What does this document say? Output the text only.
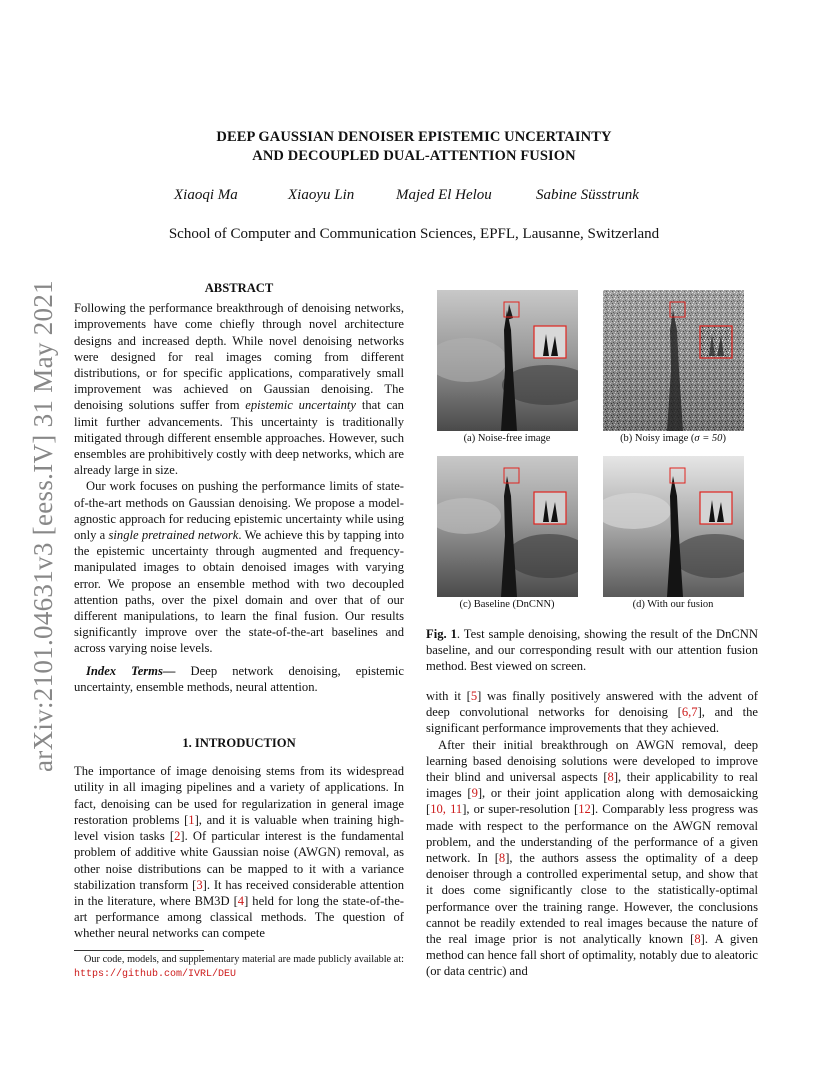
DEEP GAUSSIAN DENOISER EPISTEMIC UNCERTAINTY
AND DECOUPLED DUAL-ATTENTION FUSION
Xiaoqi Ma	Xiaoyu Lin	Majed El Helou	Sabine Süsstrunk
School of Computer and Communication Sciences, EPFL, Lausanne, Switzerland
arXiv:2101.04631v3 [eess.IV] 31 May 2021	ABSTRACT

Following the performance breakthrough of denoising networks, improvements have come chiefly through novel architecture designs and increased depth. While novel denoising networks were designed for real images coming from different distributions, or for specific applications, comparatively small improvement was achieved on Gaussian denoising. The denoising solutions suffer from epistemic uncertainty that can limit further advancements. This uncertainty is traditionally mitigated through different ensemble approaches. However, such ensembles are prohibitively costly with deep networks, which are already large in size.

Our work focuses on pushing the performance limits of state-of-the-art methods on Gaussian denoising. We propose a model-agnostic approach for reducing epistemic uncertainty while using only a single pretrained network. We achieve this by tapping into the epistemic uncertainty through augmented and frequency-manipulated images to obtain denoised images with varying error. We propose an ensemble method with two decoupled attention paths, over the pixel domain and over that of our different manipulations, to learn the final fusion. Our results significantly improve over the state-of-the-art baselines and across varying noise levels.

Index Terms— Deep network denoising, epistemic uncertainty, ensemble methods, neural attention.

1. INTRODUCTION

The importance of image denoising stems from its widespread utility in all imaging pipelines and a variety of applications. In fact, denoising can be used for regularization in general image restoration problems [1], and it is valuable when training high-level vision tasks [2]. Of particular interest is the fundamental problem of additive white Gaussian noise (AWGN) removal, as other noise distributions can be mapped to it with a variance stabilization transform [3]. It has received considerable attention in the literature, where BM3D [4] held for long the state-of-the-art performance among classical methods. The question of whether neural networks can compete

Our code, models, and supplementary material are made publicly available at: https://github.com/IVRL/DEU
(a) Noise-free image	(b) Noisy image (σ = 50)
(c) Baseline (DnCNN)	(d) With our fusion
Fig. 1. Test sample denoising, showing the result of the DnCNN baseline, and our corresponding result with our attention fusion method. Best viewed on screen.

with it [5] was finally positively answered with the advent of deep convolutional networks for denoising [6,7], and the significant performance improvements that they achieved.

After their initial breakthrough on AWGN removal, deep learning based denoising solutions were developed to improve their blind and universal aspects [8], their applicability to real images [9], or their joint application along with demosaicking [10, 11], or super-resolution [12]. Comparably less progress was made with respect to the performance on the AWGN removal problem, and the understanding of the performance of a given network. In [8], the authors assess the optimality of a deep denoiser through a controlled experimental setup, and show that it does come significantly close to the statistically-optimal performance over the training range. However, the conclusions cannot be readily extended to real images because the nature of the real image prior is not analytically known [8]. A given method can hence fall short of optimality, notably due to aleatoric (or data centric) and
